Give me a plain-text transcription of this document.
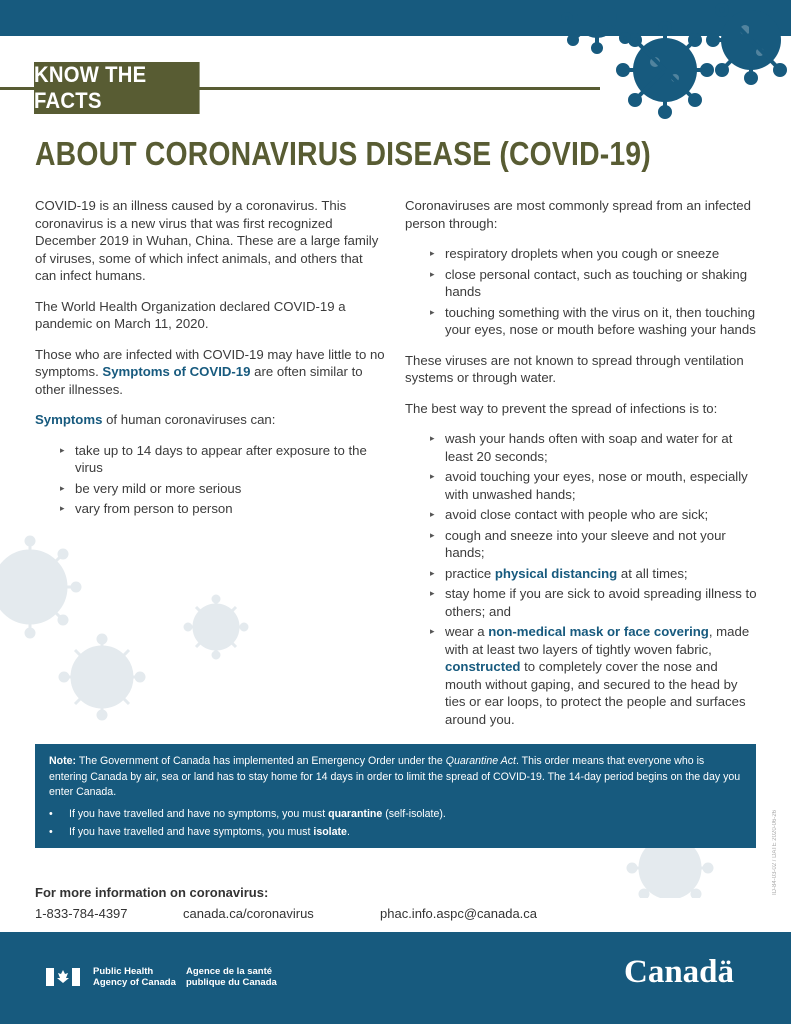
KNOW THE FACTS
ABOUT CORONAVIRUS DISEASE (COVID-19)

COVID-19 is an illness caused by a coronavirus. This coronavirus is a new virus that was first recognized December 2019 in Wuhan, China. These are a large family of viruses, some of which infect animals, and others that can infect humans.

The World Health Organization declared COVID-19 a pandemic on March 11, 2020.

Those who are infected with COVID-19 may have little to no symptoms. Symptoms of COVID-19 are often similar to other illnesses.

Symptoms of human coronaviruses can:

▸ take up to 14 days to appear after exposure to the virus
▸ be very mild or more serious
▸ vary from person to person

Coronaviruses are most commonly spread from an infected person through:

▸ respiratory droplets when you cough or sneeze
▸ close personal contact, such as touching or shaking hands
▸ touching something with the virus on it, then touching your eyes, nose or mouth before washing your hands

These viruses are not known to spread through ventilation systems or through water.

The best way to prevent the spread of infections is to:

▸ wash your hands often with soap and water for at least 20 seconds;
▸ avoid touching your eyes, nose or mouth, especially with unwashed hands;
▸ avoid close contact with people who are sick;
▸ cough and sneeze into your sleeve and not your hands;
▸ practice physical distancing at all times;
▸ stay home if you are sick to avoid spreading illness to others; and
▸ wear a non-medical mask or face covering, made with at least two layers of tightly woven fabric, constructed to completely cover the nose and mouth without gaping, and secured to the head by ties or ear loops, to protect the people and surfaces around you.
Note: The Government of Canada has implemented an Emergency Order under the Quarantine Act. This order means that everyone who is entering Canada by air, sea or land has to stay home for 14 days in order to limit the spread of COVID-19. The 14-day period begins on the day you enter Canada.
• If you have travelled and have no symptoms, you must quarantine (self-isolate).
• If you have travelled and have symptoms, you must isolate.	ID-84-03-02 / DATE 2020-06-26
For more information on coronavirus:
1-833-784-4397	canada.ca/coronavirus	phac.info.aspc@canada.ca
Public Health
Agency of Canada
Agence de la santé
publique du Canada	Canadä
